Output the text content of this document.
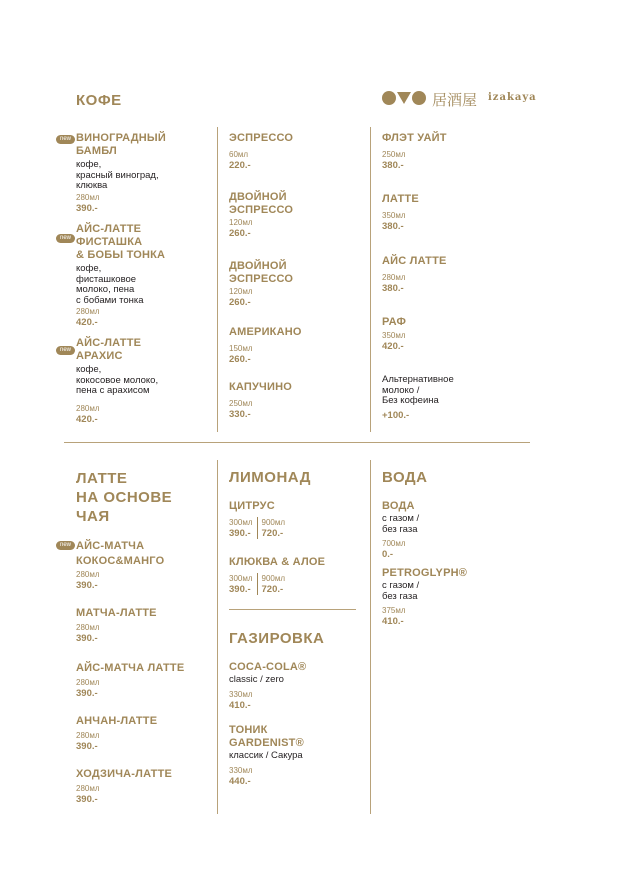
居酒屋 izakaya
КОФЕ
new ВИНОГРАДНЫЙ
БАМБЛ
кофе,
красный виноград,
клюква
280мл
390.-
new
АЙС-ЛАТТЕ
ФИСТАШКА
& БОБЫ ТОНКА
кофе,
фисташковое
молоко, пена
с бобами тонка
280мл
420.-
new
АЙС-ЛАТТЕ
АРАХИС
кофе,
кокосовое молоко,
пена с арахисом
280мл
420.-
ЭСПРЕССО
60мл
220.-
ДВОЙНОЙ
ЭСПРЕССО
120мл
260.-
ДВОЙНОЙ
ЭСПРЕССО
120мл
260.-
АМЕРИКАНО
150мл
260.-
КАПУЧИНО
250мл
330.-
ФЛЭТ УАЙТ
250мл
380.-
ЛАТТЕ
350мл
380.-
АЙС ЛАТТЕ
280мл
380.-
РАФ
350мл
420.-
Альтернативное
молоко /
Без кофеина
+100.-
ЛАТТЕ
НА ОСНОВЕ
ЧАЯ
new АЙС-МАТЧА
КОКОС&МАНГО
280мл
390.-
МАТЧА-ЛАТТЕ
280мл
390.-
АЙС-МАТЧА ЛАТТЕ
280мл
390.-
АНЧАН-ЛАТТЕ
280мл
390.-
ХОДЗИЧА-ЛАТТЕ
280мл
390.-
ЛИМОНАД
ЦИТРУС
300мл
390.-
900мл
720.-
КЛЮКВА & АЛОЕ
300мл
390.-
900мл
720.-
ГАЗИРОВКА
COCA-COLA®
classic / zero
330мл
410.-
ТОНИК
GARDENIST®
классик / Сакура
330мл
440.-
ВОДА
ВОДА
с газом /
без газа
700мл
0.-
PETROGLYPH®
с газом /
без газа
375мл
410.-
